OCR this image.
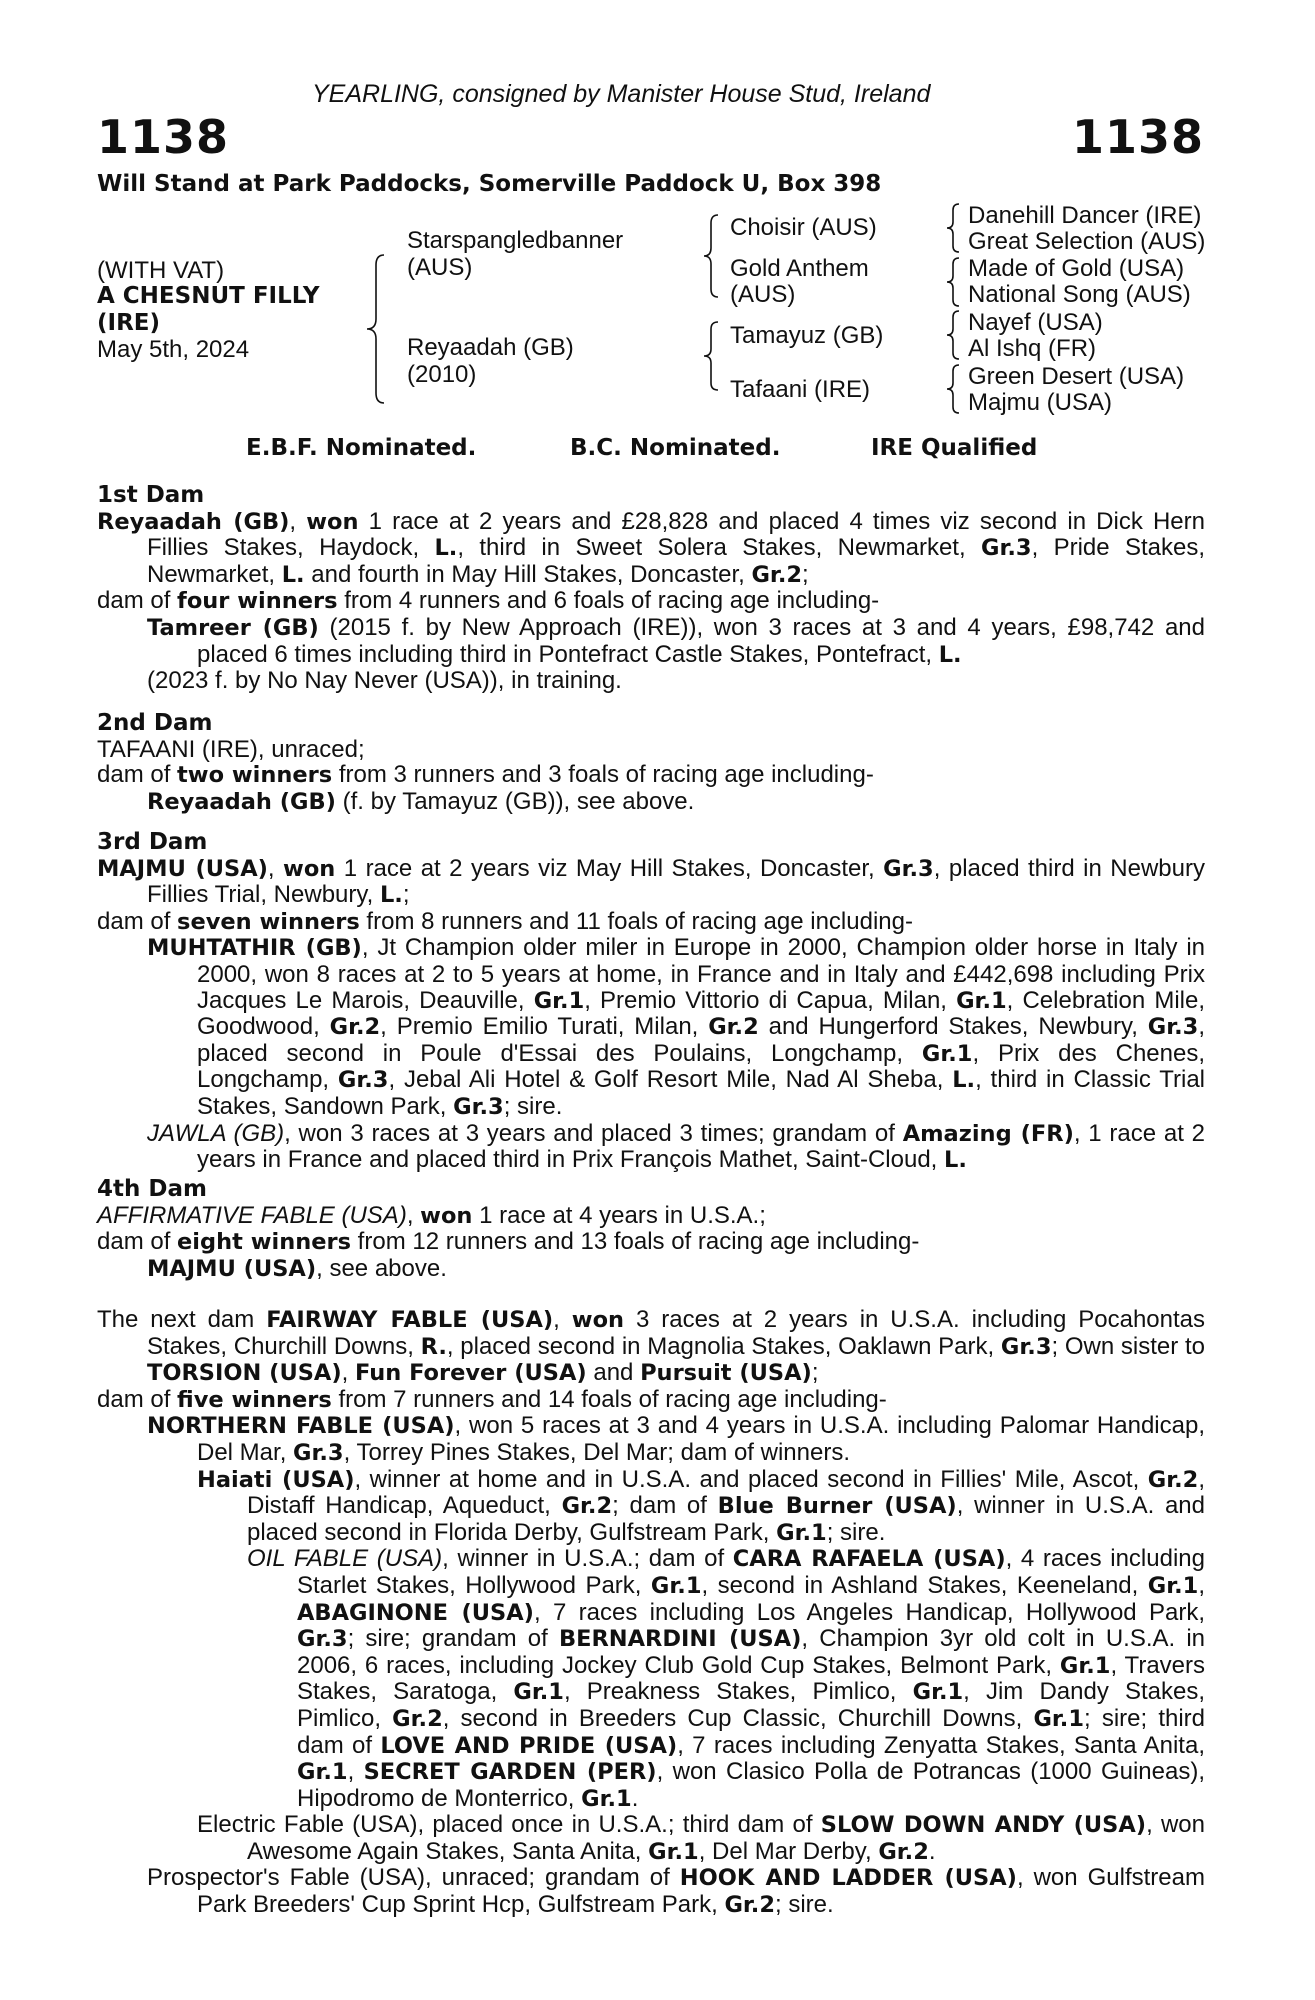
YEARLING, consigned by Manister House Stud, Ireland
1138	1138
Will Stand at Park Paddocks, Somerville Paddock U, Box 398
(WITH VAT)
A CHESNUT FILLY
(IRE)
May 5th, 2024
Starspangledbanner
(AUS)
Reyaadah (GB)
(2010)
Choisir (AUS)
Gold Anthem
(AUS)
Tamayuz (GB)
Tafaani (IRE)
Danehill Dancer (IRE)
Great Selection (AUS)
Made of Gold (USA)
National Song (AUS)
Nayef (USA)
Al Ishq (FR)
Green Desert (USA)
Majmu (USA)
E.B.F. Nominated.	B.C. Nominated.	IRE Qualified
1st Dam

Reyaadah (GB), won 1 race at 2 years and £28,828 and placed 4 times viz second in Dick Hern Fillies Stakes, Haydock, L., third in Sweet Solera Stakes, Newmarket, Gr.3, Pride Stakes, Newmarket, L. and fourth in May Hill Stakes, Doncaster, Gr.2;

dam of four winners from 4 runners and 6 foals of racing age including-

Tamreer (GB) (2015 f. by New Approach (IRE)), won 3 races at 3 and 4 years, £98,742 and placed 6 times including third in Pontefract Castle Stakes, Pontefract, L.

(2023 f. by No Nay Never (USA)), in training.

2nd Dam

TAFAANI (IRE), unraced;

dam of two winners from 3 runners and 3 foals of racing age including-

Reyaadah (GB) (f. by Tamayuz (GB)), see above.

3rd Dam

MAJMU (USA), won 1 race at 2 years viz May Hill Stakes, Doncaster, Gr.3, placed third in Newbury Fillies Trial, Newbury, L.;

dam of seven winners from 8 runners and 11 foals of racing age including-

MUHTATHIR (GB), Jt Champion older miler in Europe in 2000, Champion older horse in Italy in 2000, won 8 races at 2 to 5 years at home, in France and in Italy and £442,698 including Prix Jacques Le Marois, Deauville, Gr.1, Premio Vittorio di Capua, Milan, Gr.1, Celebration Mile, Goodwood, Gr.2, Premio Emilio Turati, Milan, Gr.2 and Hungerford Stakes, Newbury, Gr.3, placed second in Poule d'Essai des Poulains, Longchamp, Gr.1, Prix des Chenes, Longchamp, Gr.3, Jebal Ali Hotel & Golf Resort Mile, Nad Al Sheba, L., third in Classic Trial Stakes, Sandown Park, Gr.3; sire.

JAWLA (GB), won 3 races at 3 years and placed 3 times; grandam of Amazing (FR), 1 race at 2 years in France and placed third in Prix François Mathet, Saint-Cloud, L.

4th Dam

AFFIRMATIVE FABLE (USA), won 1 race at 4 years in U.S.A.;

dam of eight winners from 12 runners and 13 foals of racing age including-

MAJMU (USA), see above.

The next dam FAIRWAY FABLE (USA), won 3 races at 2 years in U.S.A. including Pocahontas Stakes, Churchill Downs, R., placed second in Magnolia Stakes, Oaklawn Park, Gr.3; Own sister to TORSION (USA), Fun Forever (USA) and Pursuit (USA);

dam of five winners from 7 runners and 14 foals of racing age including-

NORTHERN FABLE (USA), won 5 races at 3 and 4 years in U.S.A. including Palomar Handicap, Del Mar, Gr.3, Torrey Pines Stakes, Del Mar; dam of winners.

Haiati (USA), winner at home and in U.S.A. and placed second in Fillies' Mile, Ascot, Gr.2, Distaff Handicap, Aqueduct, Gr.2; dam of Blue Burner (USA), winner in U.S.A. and placed second in Florida Derby, Gulfstream Park, Gr.1; sire.

OIL FABLE (USA), winner in U.S.A.; dam of CARA RAFAELA (USA), 4 races including Starlet Stakes, Hollywood Park, Gr.1, second in Ashland Stakes, Keeneland, Gr.1, ABAGINONE (USA), 7 races including Los Angeles Handicap, Hollywood Park, Gr.3; sire; grandam of BERNARDINI (USA), Champion 3yr old colt in U.S.A. in 2006, 6 races, including Jockey Club Gold Cup Stakes, Belmont Park, Gr.1, Travers Stakes, Saratoga, Gr.1, Preakness Stakes, Pimlico, Gr.1, Jim Dandy Stakes, Pimlico, Gr.2, second in Breeders Cup Classic, Churchill Downs, Gr.1; sire; third dam of LOVE AND PRIDE (USA), 7 races including Zenyatta Stakes, Santa Anita, Gr.1, SECRET GARDEN (PER), won Clasico Polla de Potrancas (1000 Guineas), Hipodromo de Monterrico, Gr.1.

Electric Fable (USA), placed once in U.S.A.; third dam of SLOW DOWN ANDY (USA), won Awesome Again Stakes, Santa Anita, Gr.1, Del Mar Derby, Gr.2.

Prospector's Fable (USA), unraced; grandam of HOOK AND LADDER (USA), won Gulfstream Park Breeders' Cup Sprint Hcp, Gulfstream Park, Gr.2; sire.
